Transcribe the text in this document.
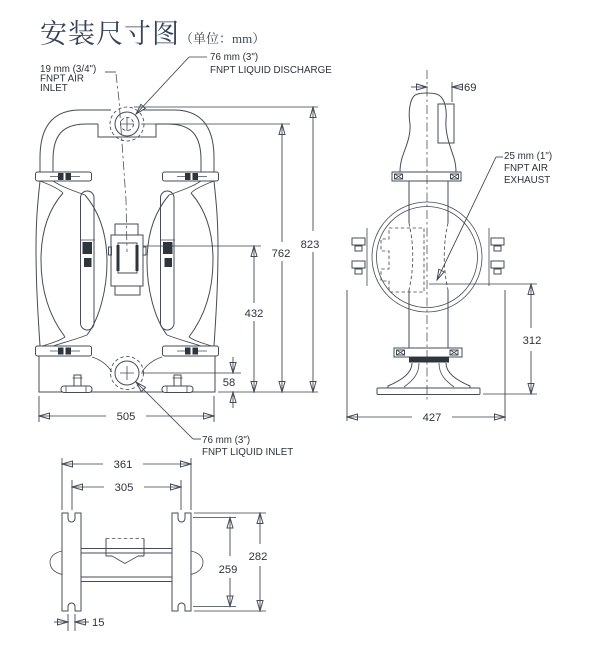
安装尺寸图（单位：mm）
823
762
432
58
505
19 mm (3/4")
FNPT AIR
INLET
76 mm (3")
FNPT LIQUID DISCHARGE
76 mm (3")
FNPT LIQUID INLET
69
312
427
25 mm (1")
FNPT AIR
EXHAUST
361
305
282
259
15
